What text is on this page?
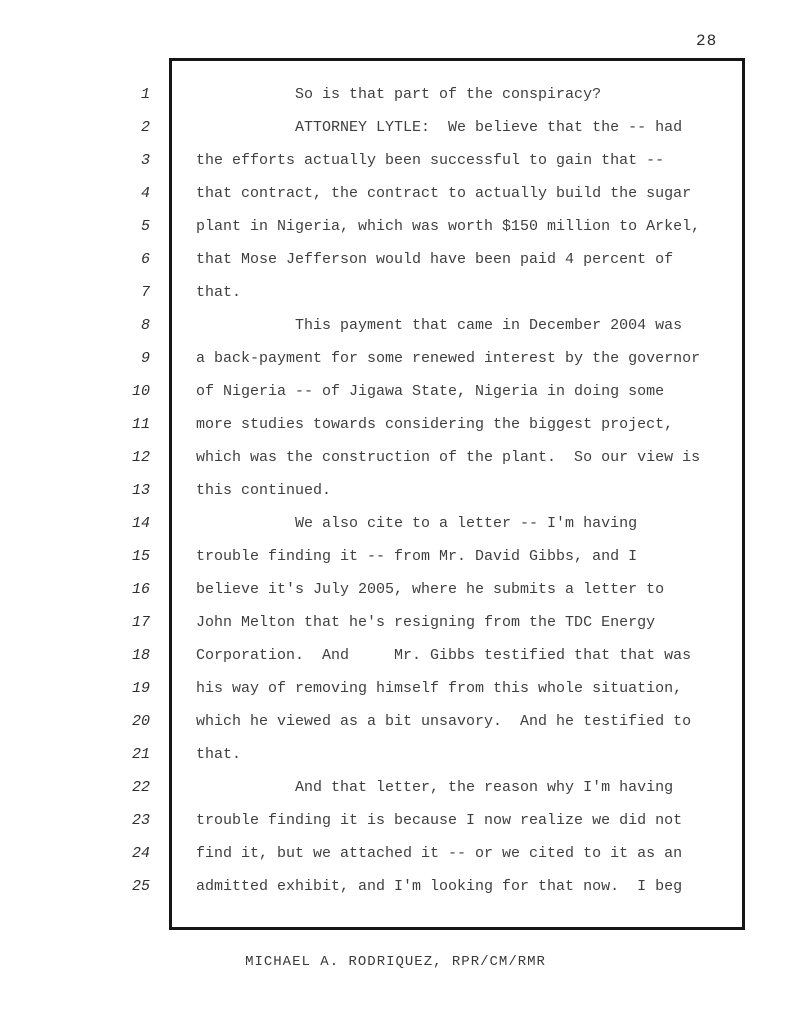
28
1	So is that part of the conspiracy?
2	ATTORNEY LYTLE:  We believe that the -- had
3	the efforts actually been successful to gain that --
4	that contract, the contract to actually build the sugar
5	plant in Nigeria, which was worth $150 million to Arkel,
6	that Mose Jefferson would have been paid 4 percent of
7	that.
8	This payment that came in December 2004 was
9	a back-payment for some renewed interest by the governor
10	of Nigeria -- of Jigawa State, Nigeria in doing some
11	more studies towards considering the biggest project,
12	which was the construction of the plant.  So our view is
13	this continued.
14	We also cite to a letter -- I'm having
15	trouble finding it -- from Mr. David Gibbs, and I
16	believe it's July 2005, where he submits a letter to
17	John Melton that he's resigning from the TDC Energy
18	Corporation.  And     Mr. Gibbs testified that that was
19	his way of removing himself from this whole situation,
20	which he viewed as a bit unsavory.  And he testified to
21	that.
22	And that letter, the reason why I'm having
23	trouble finding it is because I now realize we did not
24	find it, but we attached it -- or we cited to it as an
25	admitted exhibit, and I'm looking for that now.  I beg
MICHAEL A. RODRIQUEZ, RPR/CM/RMR
